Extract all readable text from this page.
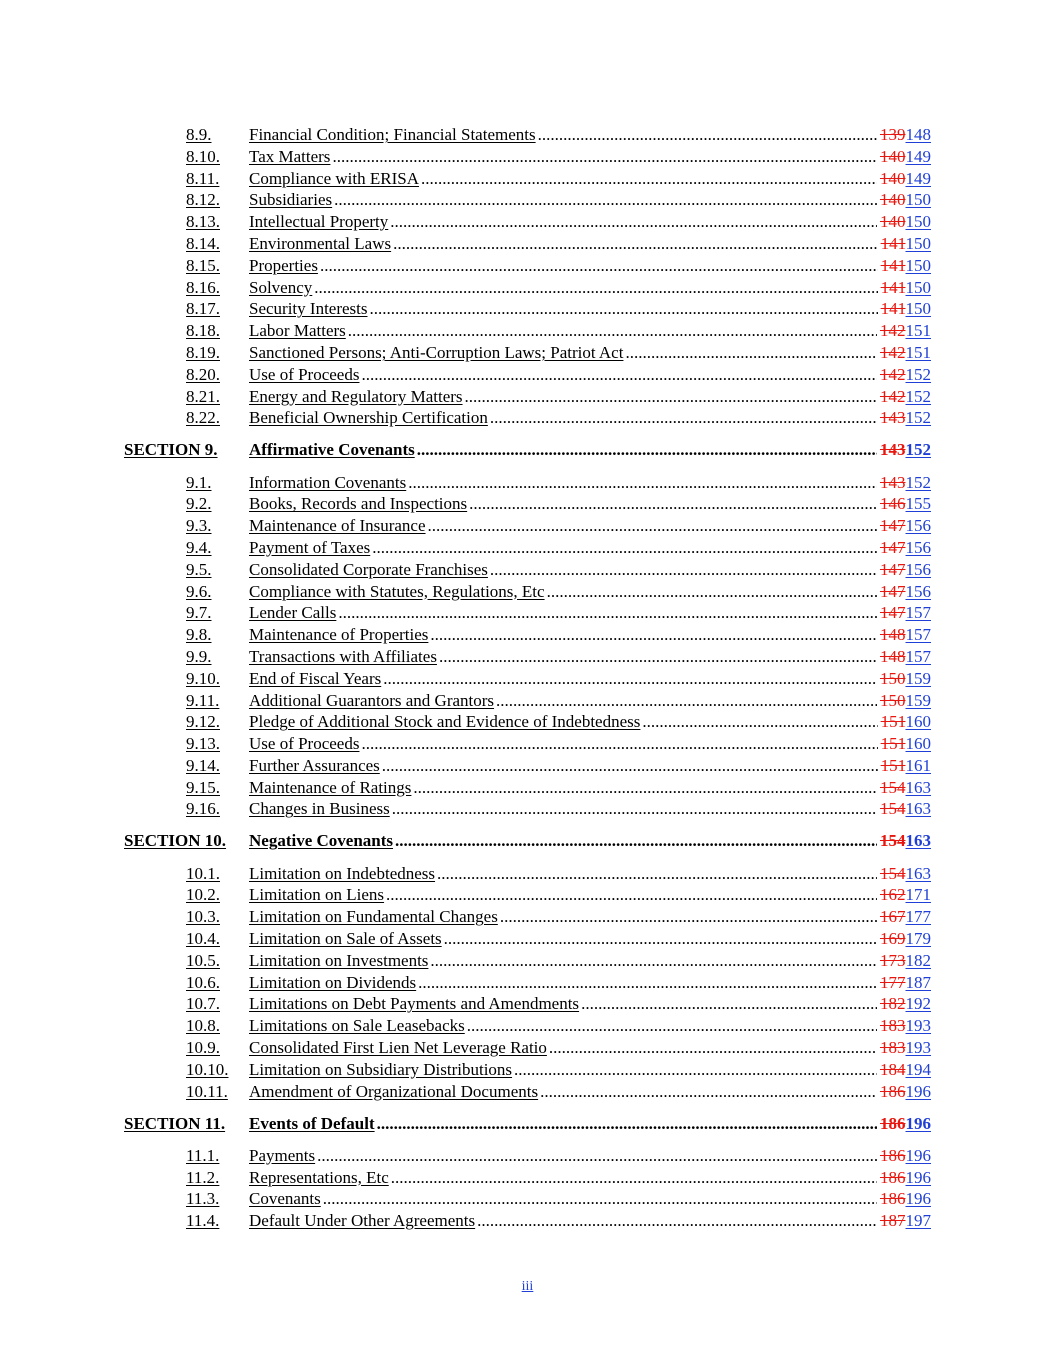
8.9. Financial Condition; Financial Statements .....	139148
8.10. Tax Matters .....	140149
8.11. Compliance with ERISA .....	140149
8.12. Subsidiaries .....	140150
8.13. Intellectual Property .....	140150
8.14. Environmental Laws .....	141150
8.15. Properties .....	141150
8.16. Solvency .....	141150
8.17. Security Interests .....	141150
8.18. Labor Matters .....	142151
8.19. Sanctioned Persons; Anti-Corruption Laws; Patriot Act .....	142151
8.20. Use of Proceeds .....	142152
8.21. Energy and Regulatory Matters .....	142152
8.22. Beneficial Ownership Certification .....	143152
SECTION 9. Affirmative Covenants .....	143152
9.1. Information Covenants .....	143152
9.2. Books, Records and Inspections .....	146155
9.3. Maintenance of Insurance .....	147156
9.4. Payment of Taxes .....	147156
9.5. Consolidated Corporate Franchises .....	147156
9.6. Compliance with Statutes, Regulations, Etc .....	147156
9.7. Lender Calls .....	147157
9.8. Maintenance of Properties .....	148157
9.9. Transactions with Affiliates .....	148157
9.10. End of Fiscal Years .....	150159
9.11. Additional Guarantors and Grantors .....	150159
9.12. Pledge of Additional Stock and Evidence of Indebtedness .....	151160
9.13. Use of Proceeds .....	151160
9.14. Further Assurances .....	151161
9.15. Maintenance of Ratings .....	154163
9.16. Changes in Business .....	154163
SECTION 10. Negative Covenants .....	154163
10.1. Limitation on Indebtedness .....	154163
10.2. Limitation on Liens .....	162171
10.3. Limitation on Fundamental Changes .....	167177
10.4. Limitation on Sale of Assets .....	169179
10.5. Limitation on Investments .....	173182
10.6. Limitation on Dividends .....	177187
10.7. Limitations on Debt Payments and Amendments .....	182192
10.8. Limitations on Sale Leasebacks .....	183193
10.9. Consolidated First Lien Net Leverage Ratio .....	183193
10.10. Limitation on Subsidiary Distributions .....	184194
10.11. Amendment of Organizational Documents .....	186196
SECTION 11. Events of Default .....	186196
11.1. Payments .....	186196
11.2. Representations, Etc .....	186196
11.3. Covenants .....	186196
11.4. Default Under Other Agreements .....	187197
iii
